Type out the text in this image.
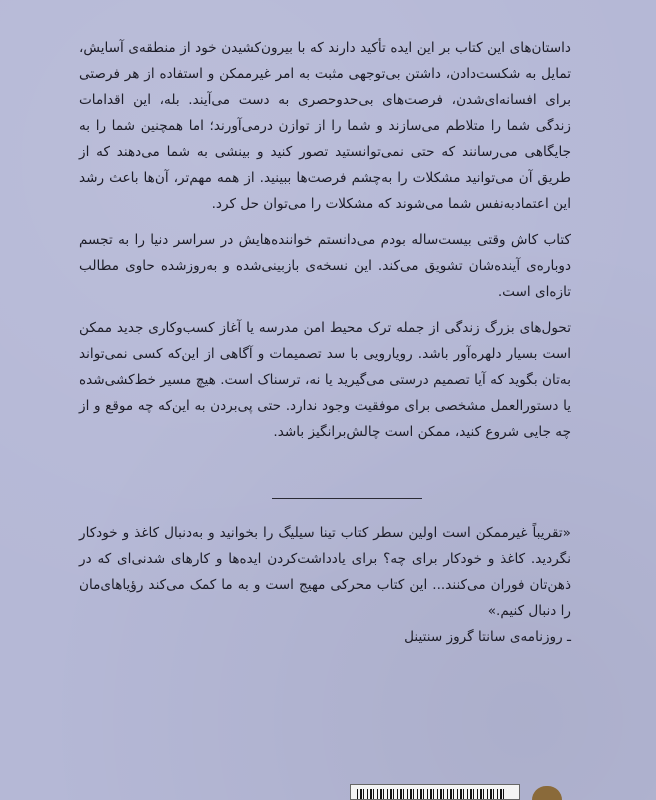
داستان‌های این کتاب بر این ایده تأکید دارند که با بیرون‌کشیدن خود از منطقه‌ی آسایش، تمایل به شکست‌دادن، داشتن بی‌توجهی مثبت به امر غیرممکن و استفاده از هر فرصتی برای افسانه‌ای‌شدن، فرصت‌های بی‌حدوحصری به دست می‌آیند. بله، این اقدامات زندگی شما را متلاطم می‌سازند و شما را از توازن درمی‌آورند؛ اما همچنین شما را به جایگاهی می‌رسانند که حتی نمی‌توانستید تصور کنید و بینشی به شما می‌دهند که از طریق آن می‌توانید مشکلات را به‌چشم فرصت‌ها ببینید. از همه مهم‌تر، آن‌ها باعث رشد این اعتمادبه‌نفس شما می‌شوند که مشکلات را می‌توان حل کرد.

کتاب کاش وقتی بیست‌ساله بودم می‌دانستم خواننده‌هایش در سراسر دنیا را به تجسم دوباره‌ی آینده‌شان تشویق می‌کند. این نسخه‌ی بازبینی‌شده و به‌روزشده حاوی مطالب تازه‌ای است.

تحول‌های بزرگ زندگی از جمله ترک محیط امن مدرسه یا آغاز کسب‌وکاری جدید ممکن است بسیار دلهره‌آور باشد. رویارویی با سد تصمیمات و آگاهی از این‌که کسی نمی‌تواند به‌تان بگوید که آیا تصمیم درستی می‌گیرید یا نه، ترسناک است. هیچ مسیر خط‌کشی‌شده یا دستورالعمل مشخصی برای موفقیت وجود ندارد. حتی پی‌بردن به این‌که چه موقع و از چه جایی شروع کنید، ممکن است چالش‌برانگیز باشد.

«تقریباً غیرممکن است اولین سطر کتاب تینا سیلیگ را بخوانید و به‌دنبال کاغذ و خودکار نگردید. کاغذ و خودکار برای چه؟ برای یادداشت‌کردن ایده‌ها و کارهای شدنی‌ای که در ذهن‌تان فوران می‌کنند... این کتاب محرکی مهیج است و به ما کمک می‌کند رؤیاهای‌مان را دنبال کنیم.»

ـ روزنامه‌ی سانتا گروز سنتینل
